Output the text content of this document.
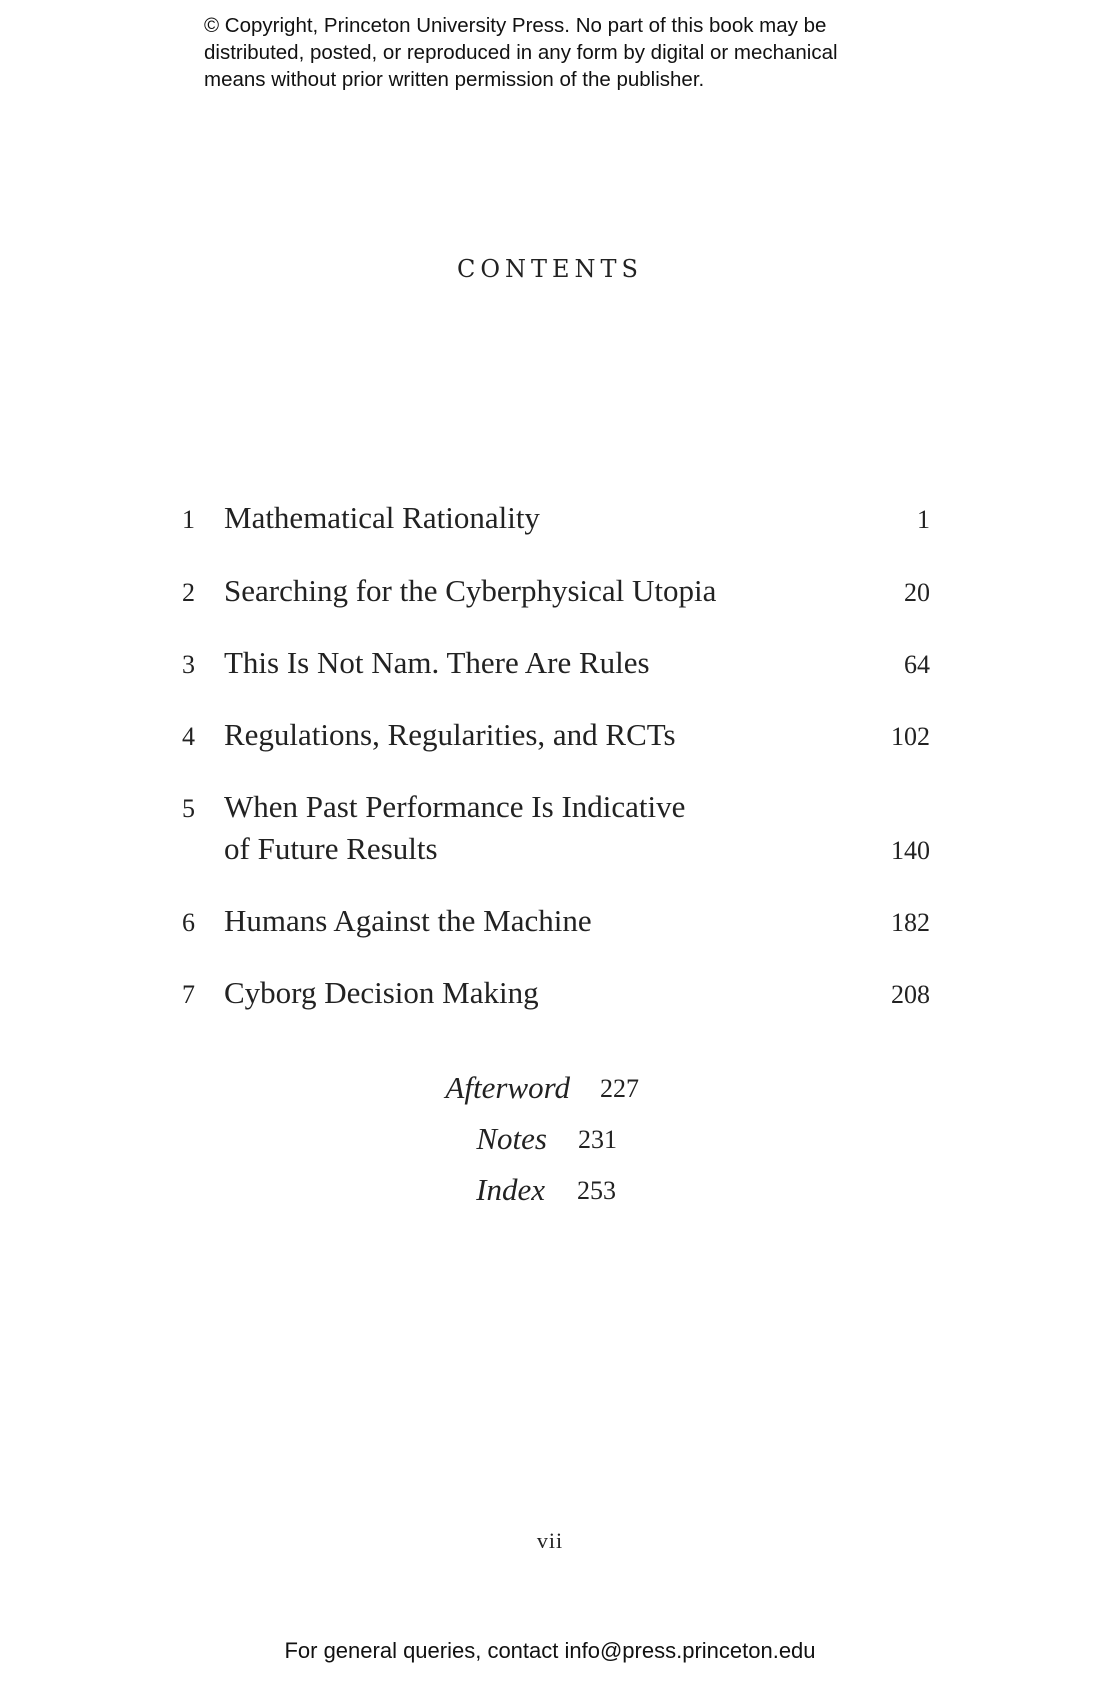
© Copyright, Princeton University Press. No part of this book may be
distributed, posted, or reproduced in any form by digital or mechanical
means without prior written permission of the publisher.
CONTENTS
1 Mathematical Rationality	1
2 Searching for the Cyberphysical Utopia	20
3 This Is Not Nam. There Are Rules	64
4 Regulations, Regularities, and RCTs	102
5 When Past Performance Is Indicative
of Future Results	140
6 Humans Against the Machine	182
7 Cyborg Decision Making	208
Afterword 227
Notes 231
Index 253
vii
For general queries, contact info@press.princeton.edu
